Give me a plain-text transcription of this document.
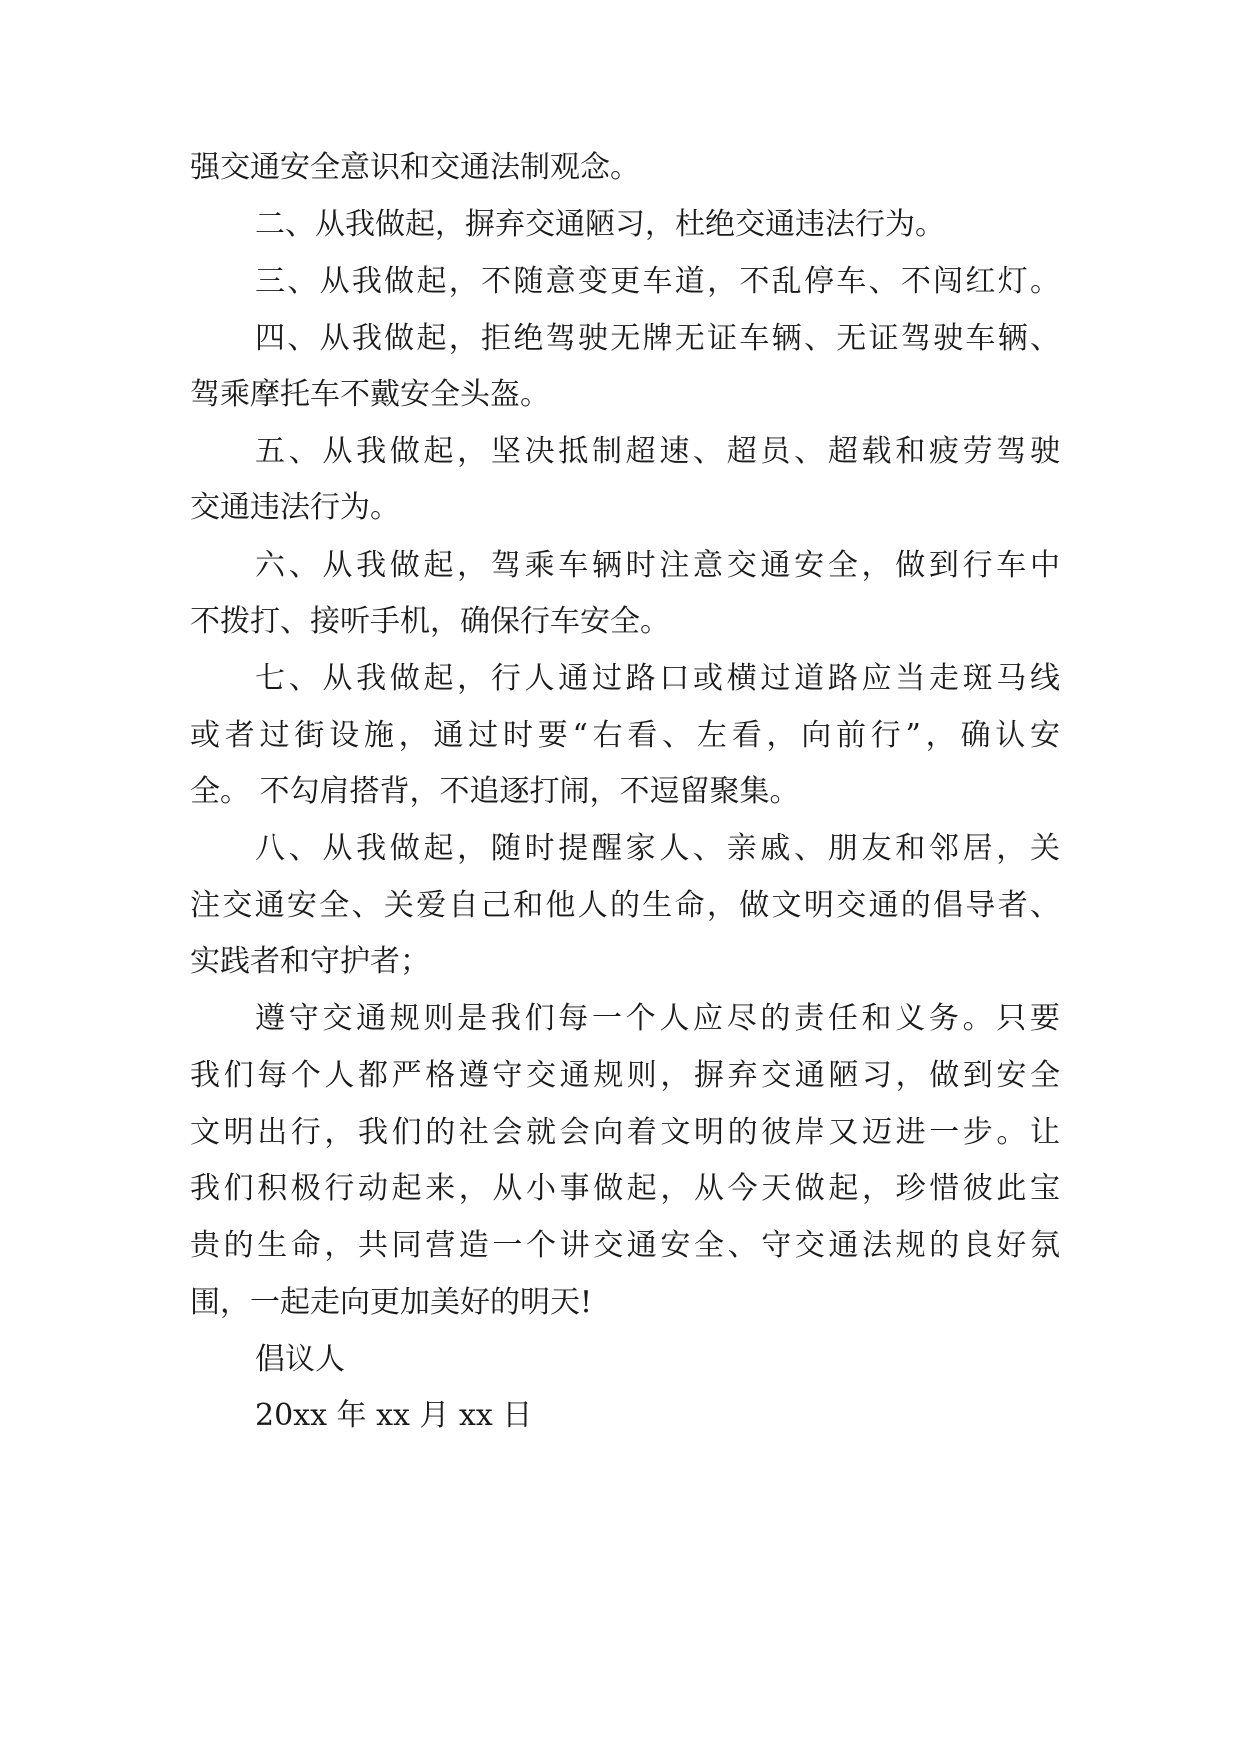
强交通安全意识和交通法制观念。
二、从我做起，摒弃交通陋习，杜绝交通违法行为。
三、从我做起，不随意变更车道，不乱停车、不闯红灯。
四、从我做起，拒绝驾驶无牌无证车辆、无证驾驶车辆、
驾乘摩托车不戴安全头盔。
五、从我做起，坚决抵制超速、超员、超载和疲劳驾驶
交通违法行为。
六、从我做起，驾乘车辆时注意交通安全，做到行车中
不拨打、接听手机，确保行车安全。
七、从我做起，行人通过路口或横过道路应当走斑马线
或者过街设施，通过时要“右看、左看，向前行”，确认安
全。 不勾肩搭背，不追逐打闹，不逗留聚集。
八、从我做起，随时提醒家人、亲戚、朋友和邻居，关
注交通安全、关爱自己和他人的生命，做文明交通的倡导者、
实践者和守护者；
遵守交通规则是我们每一个人应尽的责任和义务。只要
我们每个人都严格遵守交通规则，摒弃交通陋习，做到安全
文明出行，我们的社会就会向着文明的彼岸又迈进一步。让
我们积极行动起来，从小事做起，从今天做起，珍惜彼此宝
贵的生命，共同营造一个讲交通安全、守交通法规的良好氛
围，一起走向更加美好的明天!
倡议人
20xx 年 xx 月 xx 日
